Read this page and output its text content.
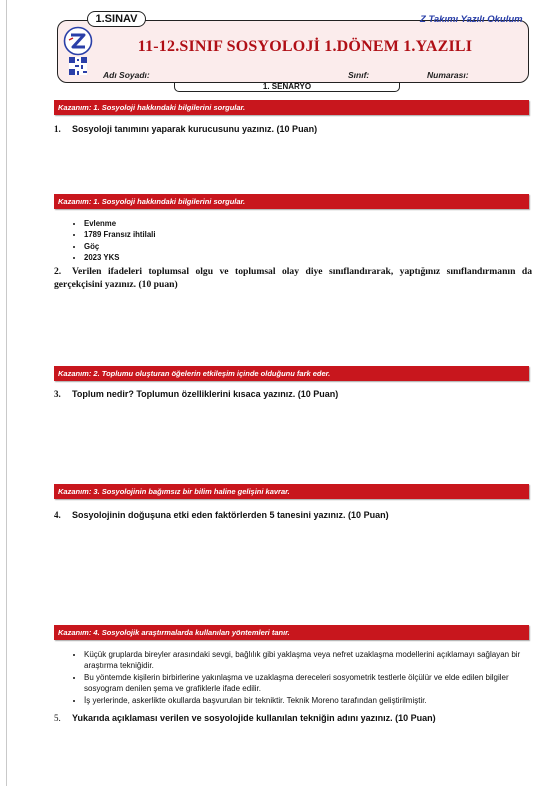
1.SINAV	Z Takımı Yazılı Okulum
11-12.SINIF SOSYOLOJİ 1.DÖNEM 1.YAZILI
Adı Soyadı:	Sınıf:	Numarası:
1. SENARYO
Kazanım: 1. Sosyoloji hakkındaki bilgilerini sorgular.
1. Sosyoloji tanımını yaparak kurucusunu yazınız. (10 Puan)
Kazanım: 1. Sosyoloji hakkındaki bilgilerini sorgular.
• Evlenme
• 1789 Fransız ihtilali
• Göç
• 2023 YKS
2. Verilen ifadeleri toplumsal olgu ve toplumsal olay diye sınıflandırarak, yaptığınız sınıflandırmanın da gerçekçisini yazınız. (10 puan)
Kazanım: 2. Toplumu oluşturan öğelerin etkileşim içinde olduğunu fark eder.
3. Toplum nedir? Toplumun özelliklerini kısaca yazınız. (10 Puan)
Kazanım: 3. Sosyolojinin bağımsız bir bilim haline gelişini kavrar.
4. Sosyolojinin doğuşuna etki eden faktörlerden 5 tanesini yazınız. (10 Puan)
Kazanım: 4. Sosyolojik araştırmalarda kullanılan yöntemleri tanır.
• Küçük gruplarda bireyler arasındaki sevgi, bağlılık gibi yaklaşma veya nefret uzaklaşma modellerini açıklamayı sağlayan bir araştırma tekniğidir.
• Bu yöntemde kişilerin birbirlerine yakınlaşma ve uzaklaşma dereceleri sosyometrik testlerle ölçülür ve elde edilen bilgiler sosyogram denilen şema ve grafiklerle ifade edilir.
• İş yerlerinde, askerlikte okullarda başvurulan bir tekniktir. Teknik Moreno tarafından geliştirilmiştir.
5. Yukarıda açıklaması verilen ve sosyolojide kullanılan tekniğin adını yazınız. (10 Puan)
